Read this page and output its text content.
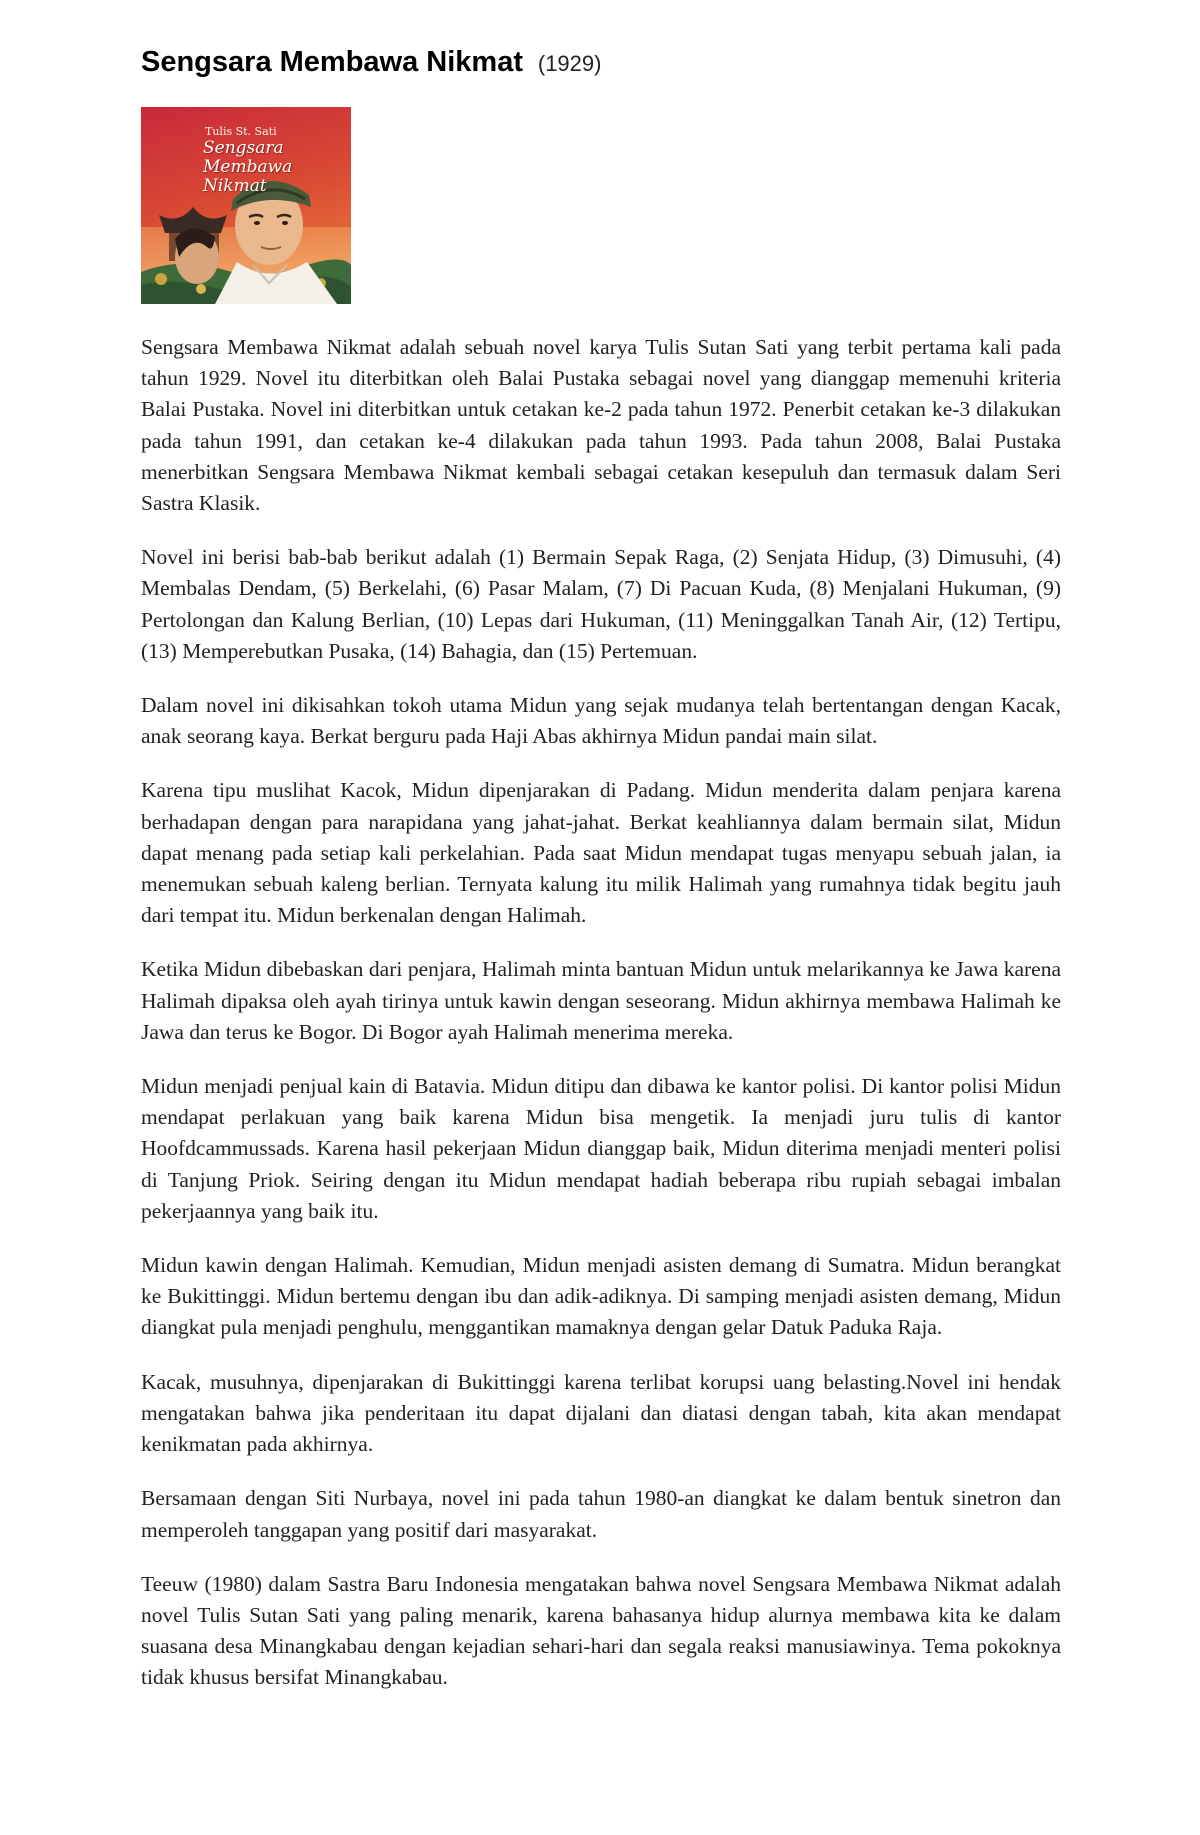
Sengsara Membawa Nikmat (1929)
Tulis St. Sati
Sengsara
Membawa
Nikmat

Sengsara Membawa Nikmat adalah sebuah novel karya Tulis Sutan Sati yang terbit pertama kali pada tahun 1929. Novel itu diterbitkan oleh Balai Pustaka sebagai novel yang dianggap memenuhi kriteria Balai Pustaka. Novel ini diterbitkan untuk cetakan ke-2 pada tahun 1972. Penerbit cetakan ke-3 dilakukan pada tahun 1991, dan cetakan ke-4 dilakukan pada tahun 1993. Pada tahun 2008, Balai Pustaka menerbitkan Sengsara Membawa Nikmat kembali sebagai cetakan kesepuluh dan termasuk dalam Seri Sastra Klasik.

Novel ini berisi bab-bab berikut adalah (1) Bermain Sepak Raga, (2) Senjata Hidup, (3) Dimusuhi, (4) Membalas Dendam, (5) Berkelahi, (6) Pasar Malam, (7) Di Pacuan Kuda, (8) Menjalani Hukuman, (9) Pertolongan dan Kalung Berlian, (10) Lepas dari Hukuman, (11) Meninggalkan Tanah Air, (12) Tertipu, (13) Memperebutkan Pusaka, (14) Bahagia, dan (15) Pertemuan.

Dalam novel ini dikisahkan tokoh utama Midun yang sejak mudanya telah bertentangan dengan Kacak, anak seorang kaya. Berkat berguru pada Haji Abas akhirnya Midun pandai main silat.

Karena tipu muslihat Kacok, Midun dipenjarakan di Padang. Midun menderita dalam penjara karena berhadapan dengan para narapidana yang jahat-jahat. Berkat keahliannya dalam bermain silat, Midun dapat menang pada setiap kali perkelahian. Pada saat Midun mendapat tugas menyapu sebuah jalan, ia menemukan sebuah kaleng berlian. Ternyata kalung itu milik Halimah yang rumahnya tidak begitu jauh dari tempat itu. Midun berkenalan dengan Halimah.

Ketika Midun dibebaskan dari penjara, Halimah minta bantuan Midun untuk melarikannya ke Jawa karena Halimah dipaksa oleh ayah tirinya untuk kawin dengan seseorang. Midun akhirnya membawa Halimah ke Jawa dan terus ke Bogor. Di Bogor ayah Halimah menerima mereka.

Midun menjadi penjual kain di Batavia. Midun ditipu dan dibawa ke kantor polisi. Di kantor polisi Midun mendapat perlakuan yang baik karena Midun bisa mengetik. Ia menjadi juru tulis di kantor Hoofdcammussads. Karena hasil pekerjaan Midun dianggap baik, Midun diterima menjadi menteri polisi di Tanjung Priok. Seiring dengan itu Midun mendapat hadiah beberapa ribu rupiah sebagai imbalan pekerjaannya yang baik itu.

Midun kawin dengan Halimah. Kemudian, Midun menjadi asisten demang di Sumatra. Midun berangkat ke Bukittinggi. Midun bertemu dengan ibu dan adik-adiknya. Di samping menjadi asisten demang, Midun diangkat pula menjadi penghulu, menggantikan mamaknya dengan gelar Datuk Paduka Raja.

Kacak, musuhnya, dipenjarakan di Bukittinggi karena terlibat korupsi uang belasting.Novel ini hendak mengatakan bahwa jika penderitaan itu dapat dijalani dan diatasi dengan tabah, kita akan mendapat kenikmatan pada akhirnya.

Bersamaan dengan Siti Nurbaya, novel ini pada tahun 1980-an diangkat ke dalam bentuk sinetron dan memperoleh tanggapan yang positif dari masyarakat.

Teeuw (1980) dalam Sastra Baru Indonesia mengatakan bahwa novel Sengsara Membawa Nikmat adalah novel Tulis Sutan Sati yang paling menarik, karena bahasanya hidup alurnya membawa kita ke dalam suasana desa Minangkabau dengan kejadian sehari-hari dan segala reaksi manusiawinya. Tema pokoknya tidak khusus bersifat Minangkabau.
